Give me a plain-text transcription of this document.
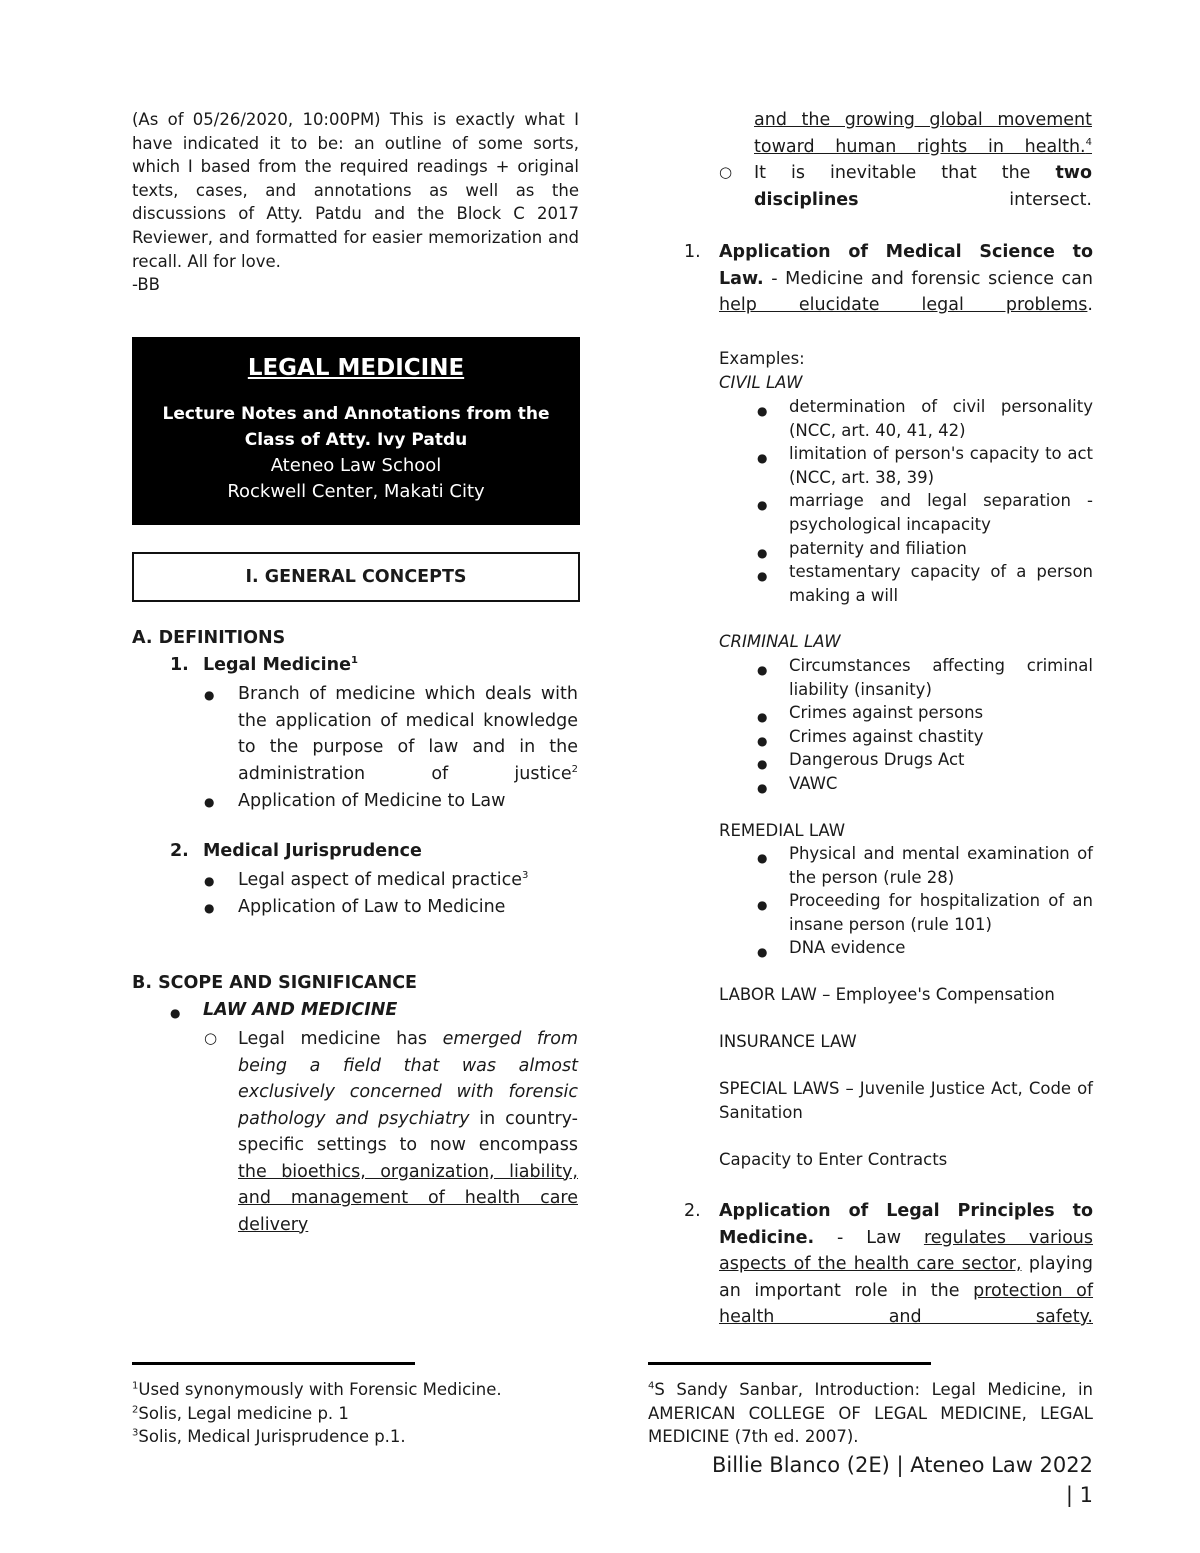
(As of 05/26/2020, 10:00PM) This is exactly what I have indicated it to be: an outline of some sorts, which I based from the required readings + original texts, cases, and annotations as well as the discussions of Atty. Patdu and the Block C 2017 Reviewer, and formatted for easier memorization and recall. All for love.

-BB

LEGAL MEDICINE
Lecture Notes and Annotations from the
Class of Atty. Ivy Patdu
Ateneo Law School
Rockwell Center, Makati City
I. GENERAL CONCEPTS
A. DEFINITIONS
1. Legal Medicine$^1$
● Branch of medicine which deals with the application of medical knowledge to the purpose of law and in the administration of justice$^2$
● Application of Medicine to Law
2. Medical Jurisprudence
● Legal aspect of medical practice$^3$
● Application of Law to Medicine
B. SCOPE AND SIGNIFICANCE
● LAW AND MEDICINE
○ Legal medicine has emerged from being a field that was almost exclusively concerned with forensic pathology and psychiatry in country-specific settings to now encompass the bioethics, organization, liability, and management of health care delivery
$^1$Used synonymously with Forensic Medicine.
$^2$Solis, Legal medicine p. 1
$^3$Solis, Medical Jurisprudence p.1.
and the growing global movement toward human rights in health.$^4$
○ It is inevitable that the two disciplines intersect.
1. Application of Medical Science to Law. - Medicine and forensic science can help elucidate legal problems.
Examples:
CIVIL LAW
● determination of civil personality (NCC, art. 40, 41, 42)
● limitation of person's capacity to act (NCC, art. 38, 39)
● marriage and legal separation - psychological incapacity
● paternity and filiation
● testamentary capacity of a person making a will
CRIMINAL LAW
● Circumstances affecting criminal liability (insanity)
● Crimes against persons
● Crimes against chastity
● Dangerous Drugs Act
● VAWC
REMEDIAL LAW
● Physical and mental examination of the person (rule 28)
● Proceeding for hospitalization of an insane person (rule 101)
● DNA evidence
LABOR LAW – Employee's Compensation
INSURANCE LAW
SPECIAL LAWS – Juvenile Justice Act, Code of Sanitation
Capacity to Enter Contracts
2. Application of Legal Principles to Medicine. - Law regulates various aspects of the health care sector, playing an important role in the protection of health and safety.
$^4$S Sandy Sanbar, Introduction: Legal Medicine, in AMERICAN COLLEGE OF LEGAL MEDICINE, LEGAL MEDICINE (7th ed. 2007).
Billie Blanco (2E) | Ateneo Law 2022 | 1
